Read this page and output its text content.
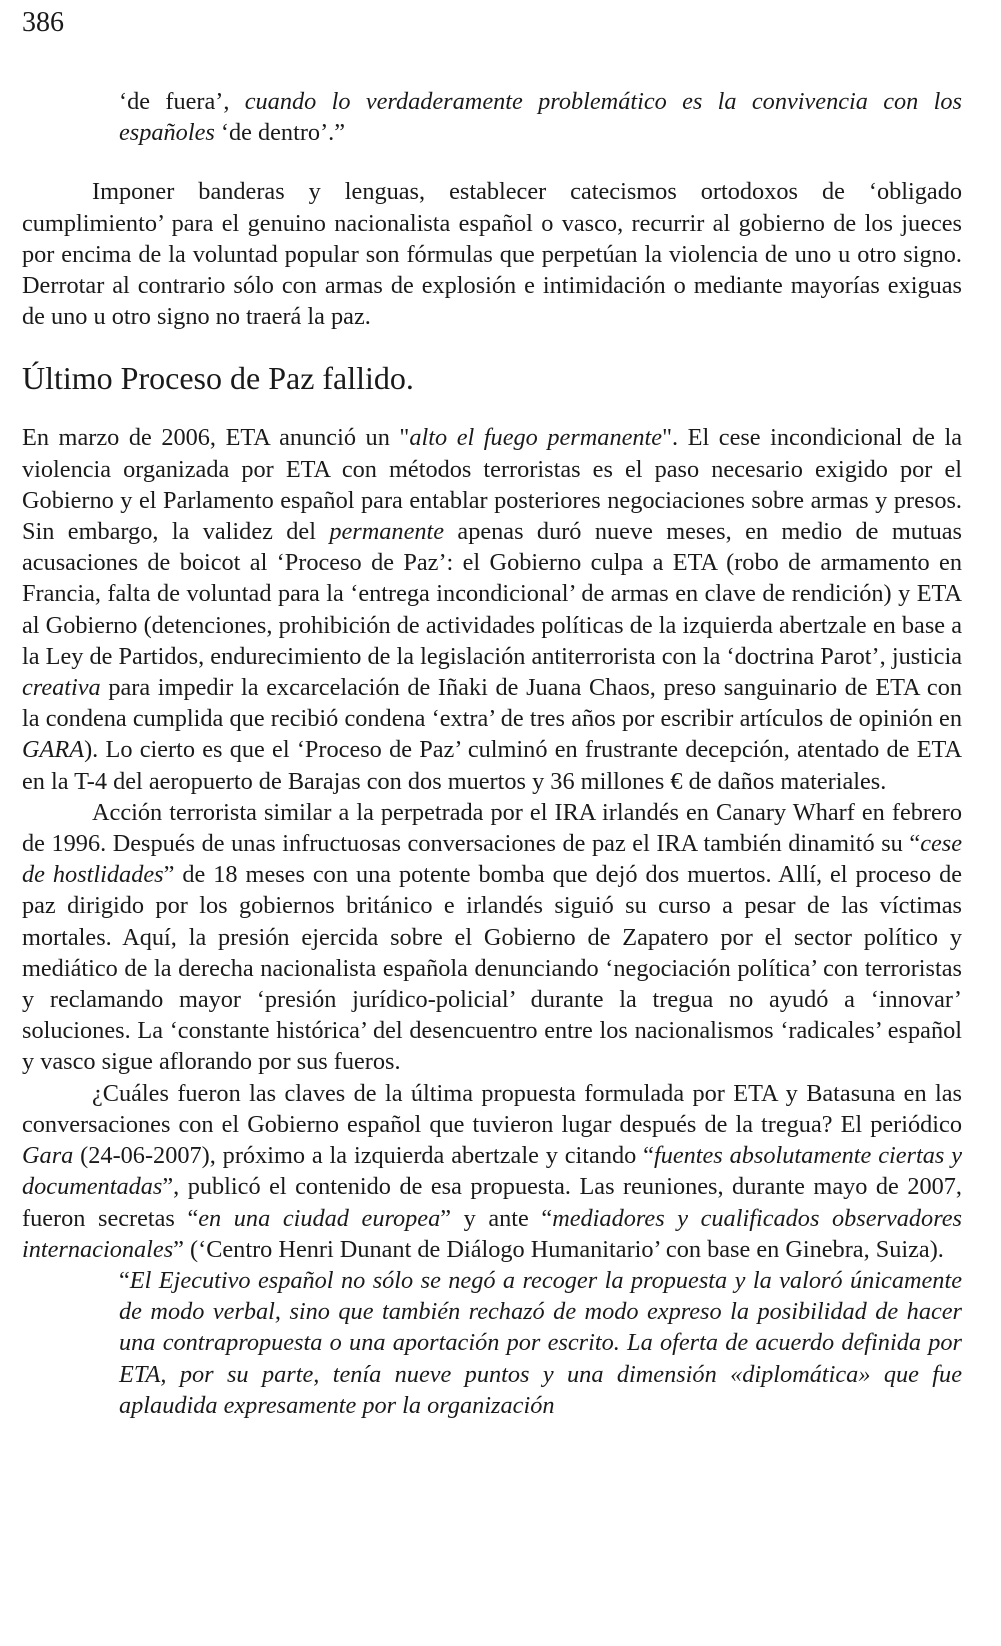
386

‘de fuera’, cuando lo verdaderamente problemático es la convivencia con los españoles ‘de dentro’.”

Imponer banderas y lenguas, establecer catecismos ortodoxos de ‘obligado cumplimiento’ para el genuino nacionalista español o vasco, recurrir al gobierno de los jueces por encima de la voluntad popular son fórmulas que perpetúan la violencia de uno u otro signo. Derrotar al contrario sólo con armas de explosión e intimidación o mediante mayorías exiguas de uno u otro signo no traerá la paz.

Último Proceso de Paz fallido.

En marzo de 2006, ETA anunció un "alto el fuego permanente". El cese incondicional de la violencia organizada por ETA con métodos terroristas es el paso necesario exigido por el Gobierno y el Parlamento español para entablar posteriores negociaciones sobre armas y presos. Sin embargo, la validez del permanente apenas duró nueve meses, en medio de mutuas acusaciones de boicot al ‘Proceso de Paz’: el Gobierno culpa a ETA (robo de armamento en Francia, falta de voluntad para la ‘entrega incondicional’ de armas en clave de rendición) y ETA al Gobierno (detenciones, prohibición de actividades políticas de la izquierda abertzale en base a la Ley de Partidos, endurecimiento de la legislación antiterrorista con la ‘doctrina Parot’, justicia creativa para impedir la excarcelación de Iñaki de Juana Chaos, preso sanguinario de ETA con la condena cumplida que recibió condena ‘extra’ de tres años por escribir artículos de opinión en GARA). Lo cierto es que el ‘Proceso de Paz’ culminó en frustrante decepción, atentado de ETA en la T-4 del aeropuerto de Barajas con dos muertos y 36 millones € de daños materiales.

Acción terrorista similar a la perpetrada por el IRA irlandés en Canary Wharf en febrero de 1996. Después de unas infructuosas conversaciones de paz el IRA también dinamitó su “cese de hostlidades” de 18 meses con una potente bomba que dejó dos muertos. Allí, el proceso de paz dirigido por los gobiernos británico e irlandés siguió su curso a pesar de las víctimas mortales. Aquí, la presión ejercida sobre el Gobierno de Zapatero por el sector político y mediático de la derecha nacionalista española denunciando ‘negociación política’ con terroristas y reclamando mayor ‘presión jurídico-policial’ durante la tregua no ayudó a ‘innovar’ soluciones. La ‘constante histórica’ del desencuentro entre los nacionalismos ‘radicales’ español y vasco sigue aflorando por sus fueros.

¿Cuáles fueron las claves de la última propuesta formulada por ETA y Batasuna en las conversaciones con el Gobierno español que tuvieron lugar después de la tregua? El periódico Gara (24-06-2007), próximo a la izquierda abertzale y citando “fuentes absolutamente ciertas y documentadas”, publicó el contenido de esa propuesta. Las reuniones, durante mayo de 2007, fueron secretas “en una ciudad europea” y ante “mediadores y cualificados observadores internacionales” (‘Centro Henri Dunant de Diálogo Humanitario’ con base en Ginebra, Suiza).

“El Ejecutivo español no sólo se negó a recoger la propuesta y la valoró únicamente de modo verbal, sino que también rechazó de modo expreso la posibilidad de hacer una contrapropuesta o una aportación por escrito. La oferta de acuerdo definida por ETA, por su parte, tenía nueve puntos y una dimensión «diplomática» que fue aplaudida expresamente por la organización
